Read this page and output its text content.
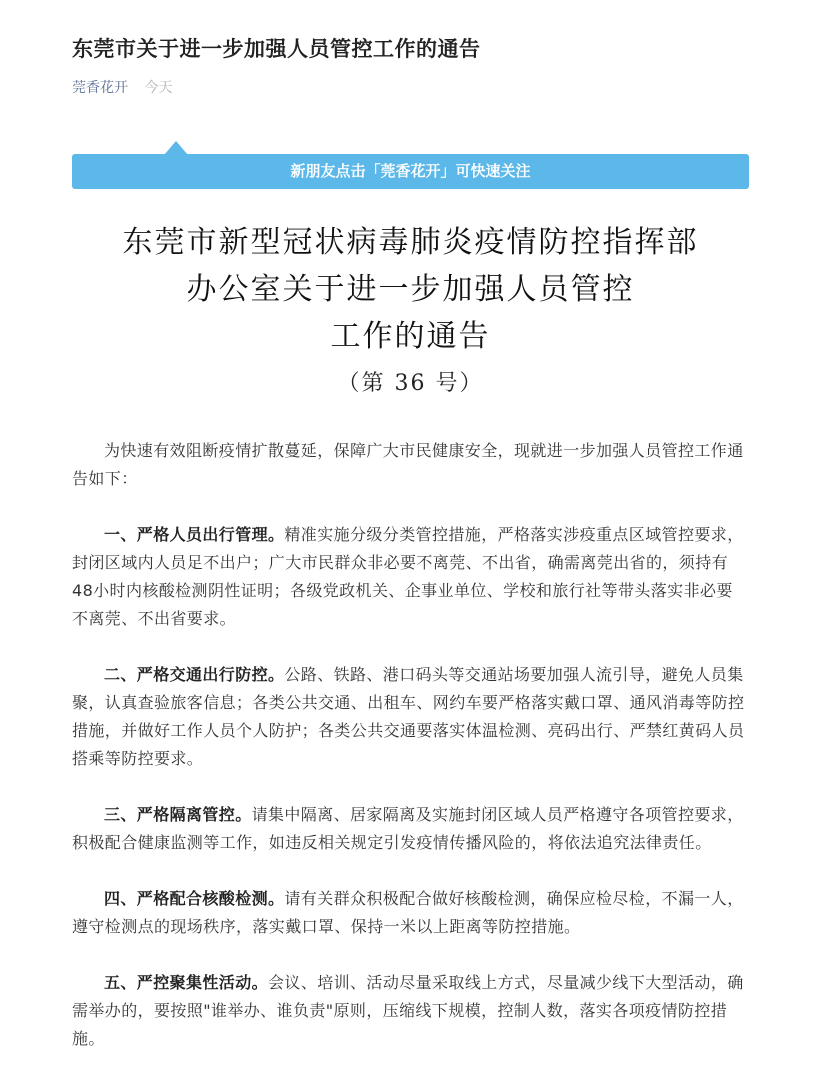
东莞市关于进一步加强人员管控工作的通告
莞香花开 今天
新朋友点击「莞香花开」可快速关注
东莞市新型冠状病毒肺炎疫情防控指挥部
办公室关于进一步加强人员管控
工作的通告
（第 36 号）

为快速有效阻断疫情扩散蔓延，保障广大市民健康安全，现就进一步加强人员管控工作通告如下：

一、严格人员出行管理。精准实施分级分类管控措施，严格落实涉疫重点区域管控要求，封闭区域内人员足不出户；广大市民群众非必要不离莞、不出省，确需离莞出省的，须持有48小时内核酸检测阴性证明；各级党政机关、企事业单位、学校和旅行社等带头落实非必要不离莞、不出省要求。

二、严格交通出行防控。公路、铁路、港口码头等交通站场要加强人流引导，避免人员集聚，认真查验旅客信息；各类公共交通、出租车、网约车要严格落实戴口罩、通风消毒等防控措施，并做好工作人员个人防护；各类公共交通要落实体温检测、亮码出行、严禁红黄码人员搭乘等防控要求。

三、严格隔离管控。请集中隔离、居家隔离及实施封闭区域人员严格遵守各项管控要求，积极配合健康监测等工作，如违反相关规定引发疫情传播风险的，将依法追究法律责任。

四、严格配合核酸检测。请有关群众积极配合做好核酸检测，确保应检尽检，不漏一人，遵守检测点的现场秩序，落实戴口罩、保持一米以上距离等防控措施。

五、严控聚集性活动。会议、培训、活动尽量采取线上方式，尽量减少线下大型活动，确需举办的，要按照"谁举办、谁负责"原则，压缩线下规模，控制人数，落实各项疫情防控措施。
